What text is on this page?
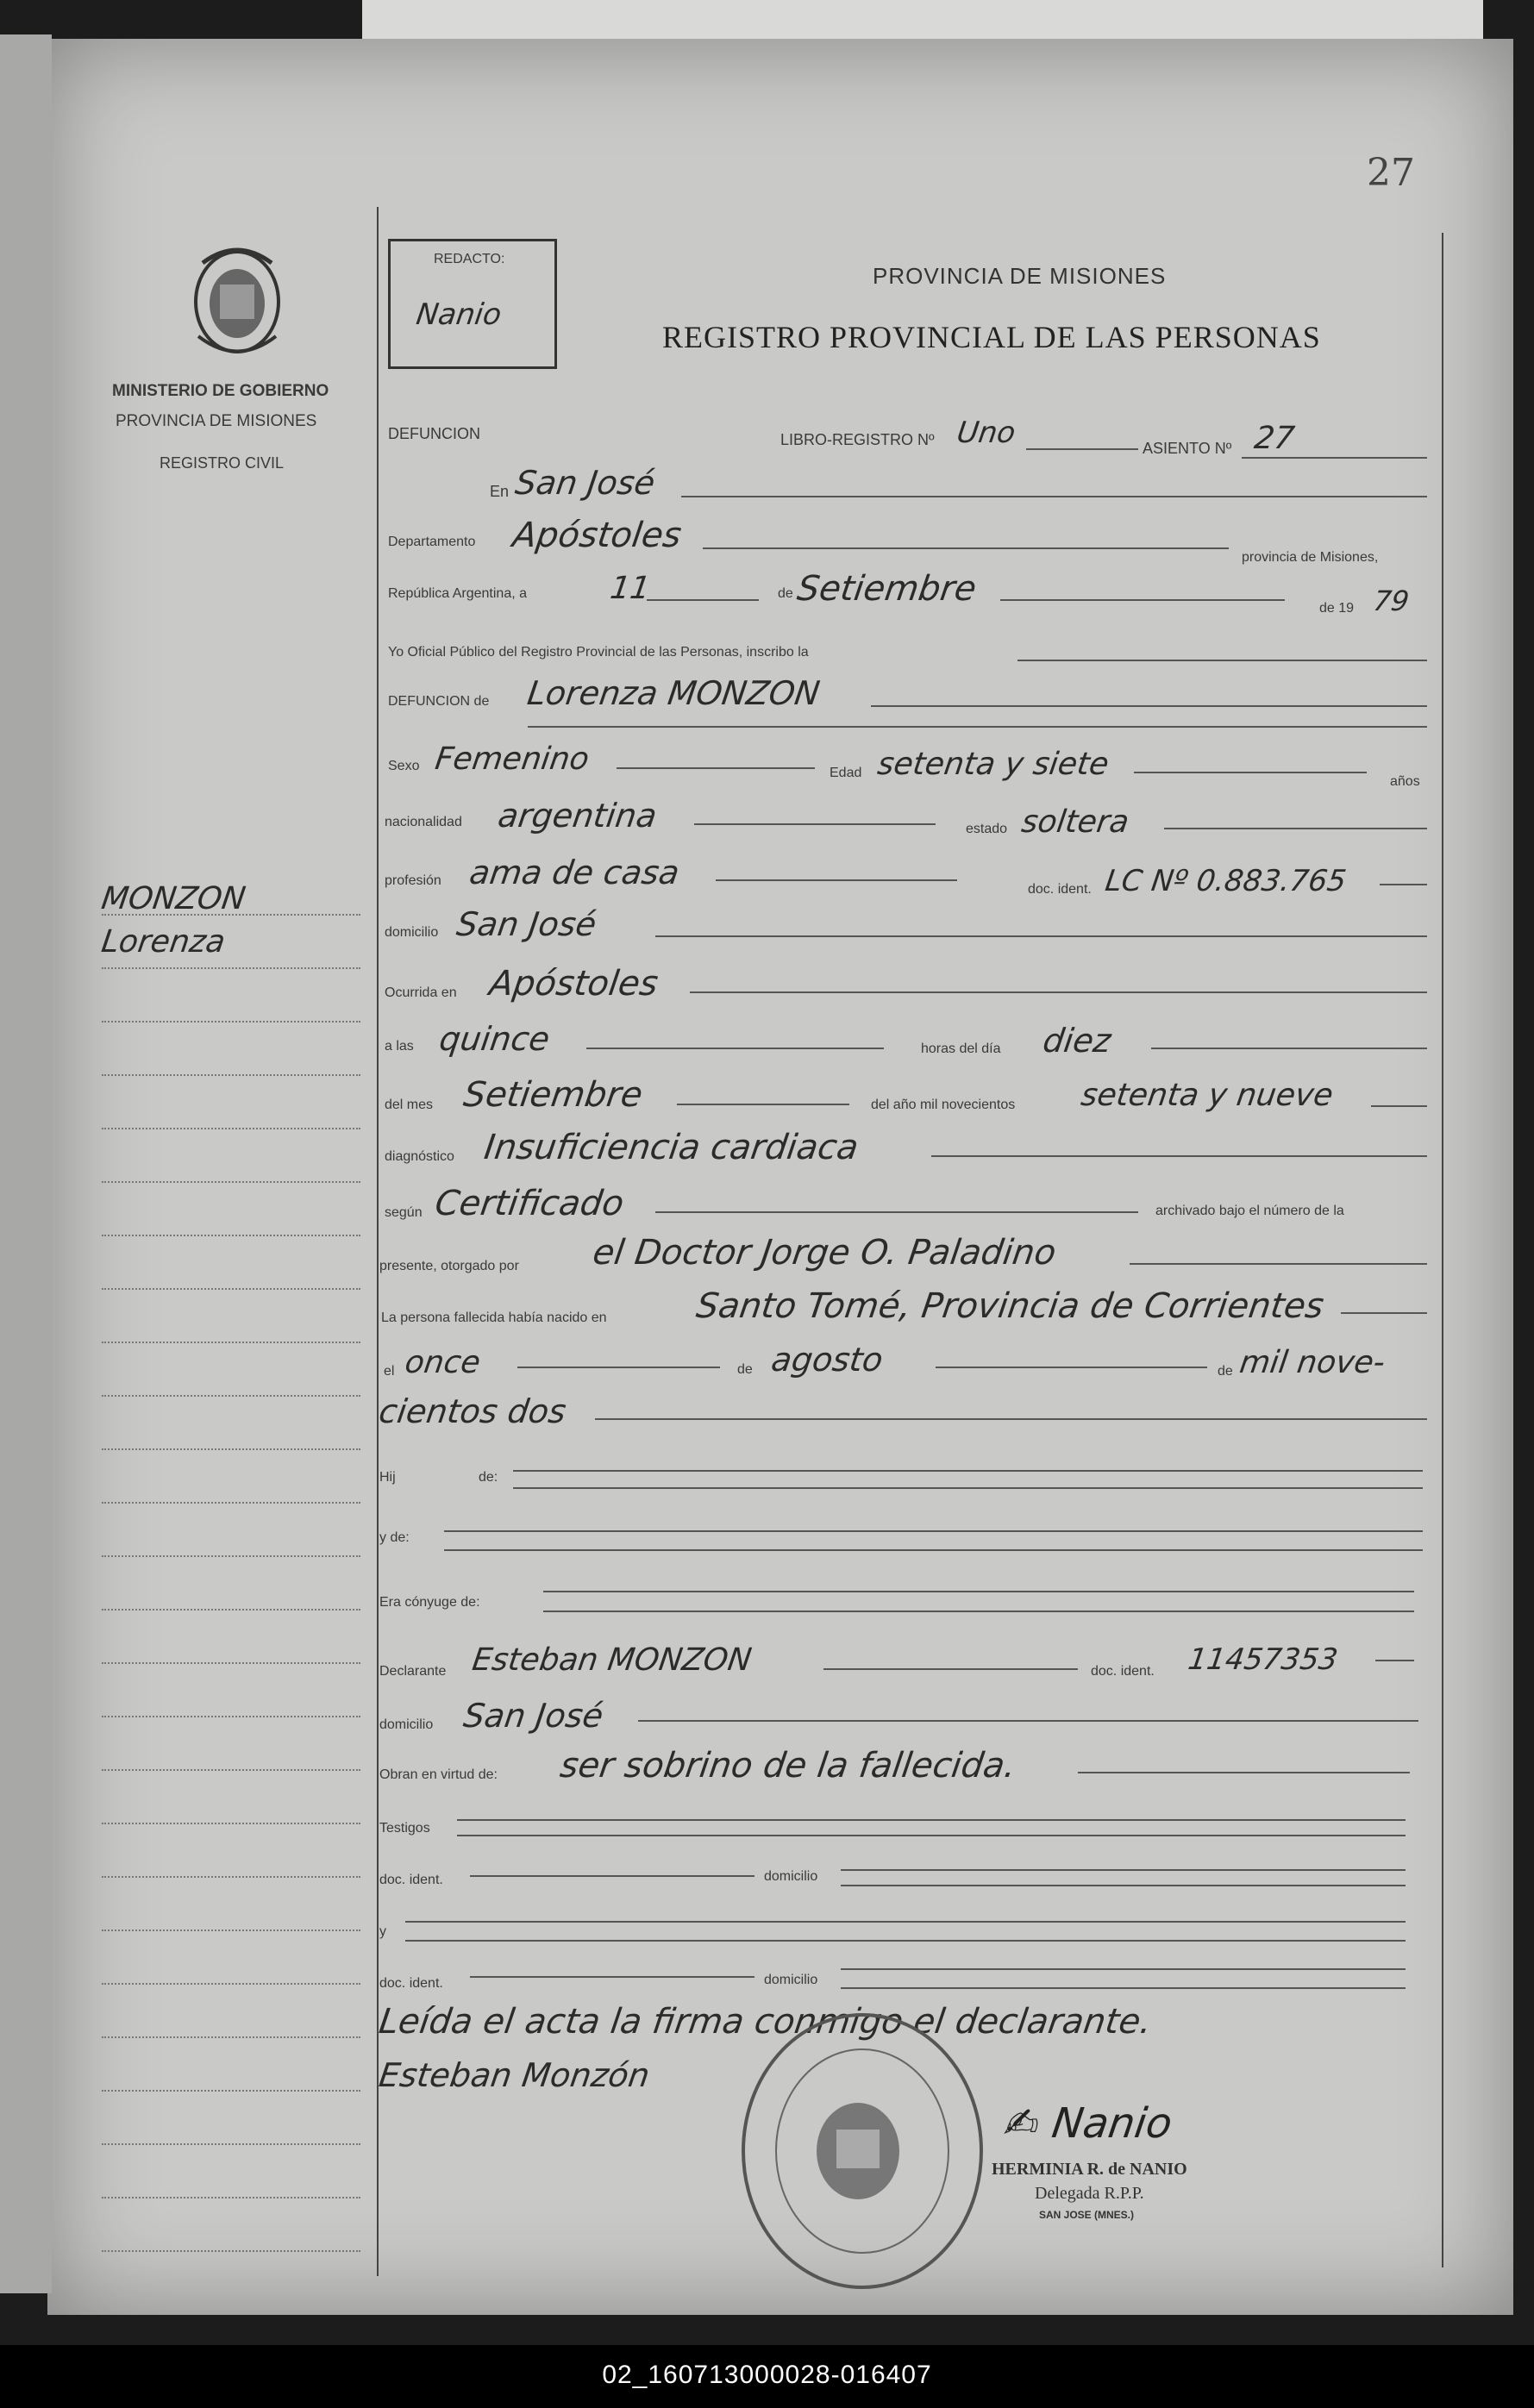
27
MINISTERIO DE GOBIERNO
PROVINCIA DE MISIONES
REGISTRO CIVIL
REDACTO:
Nanio
PROVINCIA DE MISIONES
REGISTRO PROVINCIAL DE LAS PERSONAS
MONZON
Lorenza
DEFUNCION	LIBRO-REGISTRO Nº Uno	ASIENTO Nº 27
En San José
Departamento Apóstoles
provincia de Misiones,
República Argentina, a	11	de Setiembre	de 19 79
Yo Oficial Público del Registro Provincial de las Personas, inscribo la
DEFUNCION de Lorenza MONZON
Sexo Femenino	Edad setenta y siete	años
nacionalidad argentina	estado soltera
profesión ama de casa	doc. ident. LC Nº 0.883.765
domicilio San José
Ocurrida en Apóstoles
a las quince	horas del día diez
del mes Setiembre	del año mil novecientos setenta y nueve
diagnóstico Insuficiencia cardiaca
según Certificado	archivado bajo el número de la
presente, otorgado por el Doctor Jorge O. Paladino
La persona fallecida había nacido en	Santo Tomé, Provincia de Corrientes
el once	de agosto	de mil nove-
cientos dos
Hij	de:
y de:
Era cónyuge de:
Declarante Esteban MONZON	doc. ident. 11457353
domicilio San José
Obran en virtud de: ser sobrino de la fallecida.
Testigos
doc. ident.	domicilio
y
doc. ident.	domicilio
Leída el acta la firma conmigo el declarante.
Esteban Monzón
✍ Nanio
HERMINIA R. de NANIO
Delegada R.P.P.
SAN JOSE (MNES.)
02_160713000028-016407
